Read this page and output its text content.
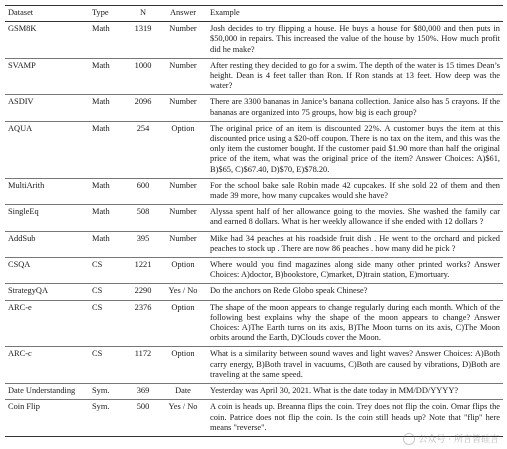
Dataset	Type	N	Answer	Example
GSM8K	Math	1319	Number	Josh decides to try flipping a house. He buys a house for $80,000 and then puts in $50,000 in repairs. This increased the value of the house by 150%. How much profit did he make?
SVAMP	Math	1000	Number	After resting they decided to go for a swim. The depth of the water is 15 times Dean’s height. Dean is 4 feet taller than Ron. If Ron stands at 13 feet. How deep was the water?
ASDIV	Math	2096	Number	There are 3300 bananas in Janice’s banana collection. Janice also has 5 crayons. If the bananas are organized into 75 groups, how big is each group?
AQUA	Math	254	Option	The original price of an item is discounted 22%. A customer buys the item at this discounted price using a $20-off coupon. There is no tax on the item, and this was the only item the customer bought. If the customer paid $1.90 more than half the original price of the item, what was the original price of the item? Answer Choices: A)$61, B)$65, C)$67.40, D)$70, E)$78.20.
MultiArith	Math	600	Number	For the school bake sale Robin made 42 cupcakes. If she sold 22 of them and then made 39 more, how many cupcakes would she have?
SingleEq	Math	508	Number	Alyssa spent half of her allowance going to the movies. She washed the family car and earned 8 dollars. What is her weekly allowance if she ended with 12 dollars ?
AddSub	Math	395	Number	Mike had 34 peaches at his roadside fruit dish . He went to the orchard and picked peaches to stock up . There are now 86 peaches . how many did he pick ?
CSQA	CS	1221	Option	Where would you find magazines along side many other printed works? Answer Choices: A)doctor, B)bookstore, C)market, D)train station, E)mortuary.
StrategyQA	CS	2290	Yes / No	Do the anchors on Rede Globo speak Chinese?
ARC-e	CS	2376	Option	The shape of the moon appears to change regularly during each month. Which of the following best explains why the shape of the moon appears to change? Answer Choices: A)The Earth turns on its axis, B)The Moon turns on its axis, C)The Moon orbits around the Earth, D)Clouds cover the Moon.
ARC-c	CS	1172	Option	What is a similarity between sound waves and light waves? Answer Choices: A)Both carry energy, B)Both travel in vacuums, C)Both are caused by vibrations, D)Both are traveling at the same speed.
Date Understanding	Sym.	369	Date	Yesterday was April 30, 2021. What is the date today in MM/DD/YYYY?
Coin Flip	Sym.	500	Yes / No	A coin is heads up. Breanna flips the coin. Trey does not flip the coin. Omar flips the coin. Patrice does not flip the coin. Is the coin still heads up? Note that "flip" here means "reverse".
公众号 · 所言皆硅言
